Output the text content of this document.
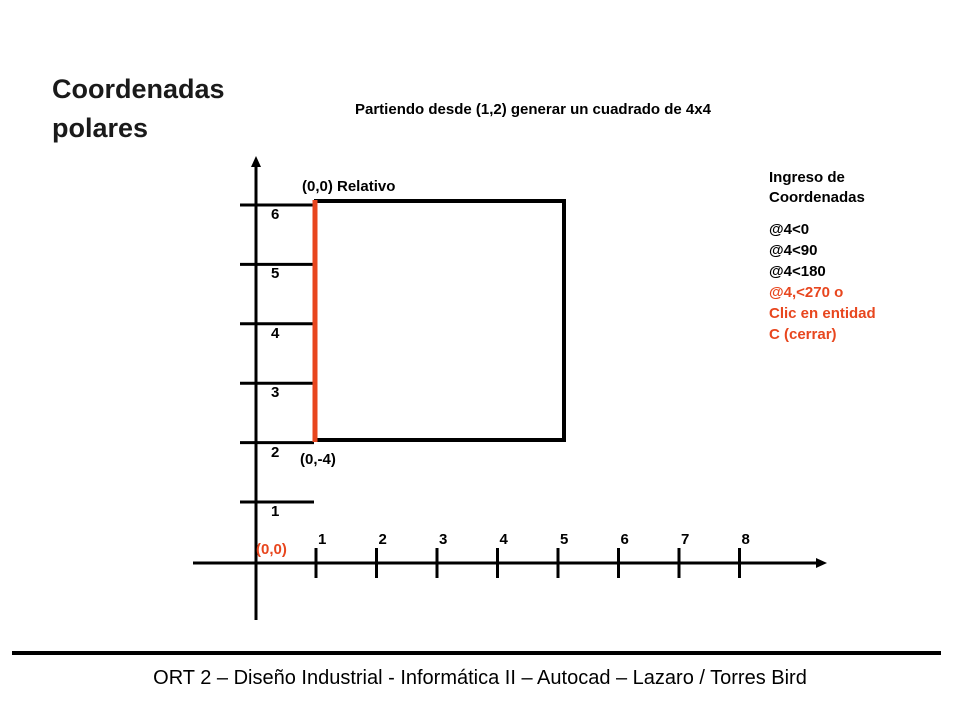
Coordenadas
polares
Partiendo desde (1,2) generar un cuadrado de 4x4
1	2	3	4	5	6	7	8
1
2
3
4
5
6
(0,0) Relativo
(0,-4)
(0,0)
Ingreso de
Coordenadas
@4<0
@4<90
@4<180
@4,<270 o
Clic en entidad
C (cerrar)
ORT 2 – Diseño Industrial - Informática II – Autocad – Lazaro / Torres Bird
